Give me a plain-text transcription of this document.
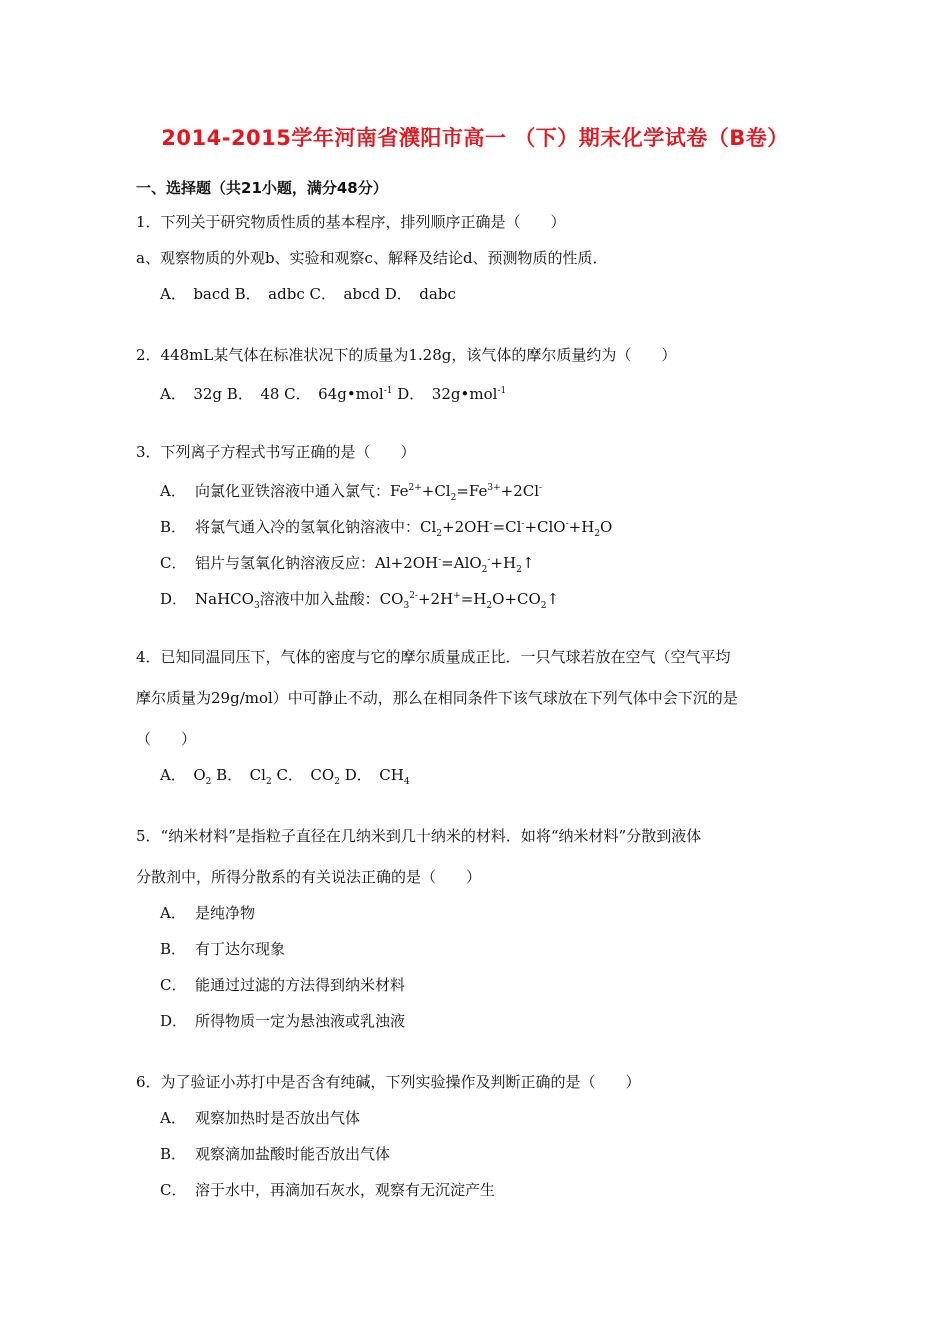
2014-2015学年河南省濮阳市高一 （下）期末化学试卷（B卷）
一、选择题（共21小题，满分48分）
1．下列关于研究物质性质的基本程序，排列顺序正确是（　　）
a、观察物质的外观b、实验和观察c、解释及结论d、预测物质的性质．
A．　bacd B．　adbc C．　abcd D．　dabc
2．448mL某气体在标准状况下的质量为1.28g，该气体的摩尔质量约为（　　）
A．　32g B．　48 C．　64g•mol$^{-1}$ D．　32g•mol$^{-1}$
3．下列离子方程式书写正确的是（　　）
A． 向氯化亚铁溶液中通入氯气：$Fe^{2+}+Cl_2=Fe^{3+}+2Cl^-$
B． 将氯气通入冷的氢氧化钠溶液中：$Cl_2+2OH^-=Cl^-+ClO^-+H_2O$
C． 铝片与氢氧化钠溶液反应：$Al+2OH^-=AlO_2^-+H_2↑$
D． NaHCO$_3$溶液中加入盐酸：$CO_3^{2-}+2H^+=H_2O+CO_2↑$
4．已知同温同压下，气体的密度与它的摩尔质量成正比．一只气球若放在空气（空气平均
摩尔质量为29g/mol）中可静止不动，那么在相同条件下该气球放在下列气体中会下沉的是
（　　）
A．　$O_2$ B．　$Cl_2$ C．　$CO_2$ D．　$CH_4$
5．“纳米材料”是指粒子直径在几纳米到几十纳米的材料．如将“纳米材料”分散到液体
分散剂中，所得分散系的有关说法正确的是（　　）
A． 是纯净物
B． 有丁达尔现象
C． 能通过过滤的方法得到纳米材料
D． 所得物质一定为悬浊液或乳浊液
6．为了验证小苏打中是否含有纯碱，下列实验操作及判断正确的是（　　）
A． 观察加热时是否放出气体
B． 观察滴加盐酸时能否放出气体
C． 溶于水中，再滴加石灰水，观察有无沉淀产生
